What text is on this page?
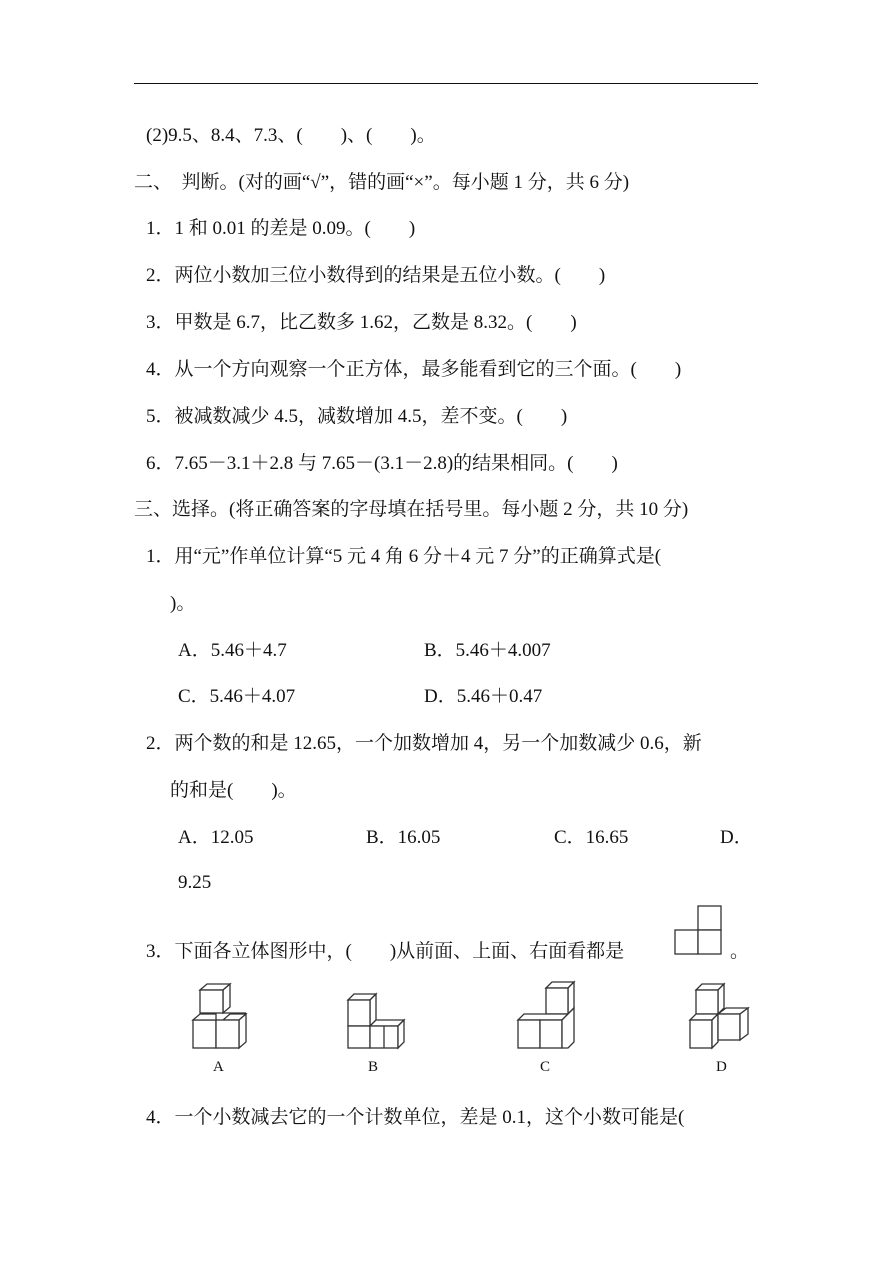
(2)9.5、8.4、7.3、(　　)、(　　)。
二、　判断。(对的画“√”，错的画“×”。每小题 1 分，共 6 分)
1．1 和 0.01 的差是 0.09。(　　)
2．两位小数加三位小数得到的结果是五位小数。(　　)
3．甲数是 6.7，比乙数多 1.62，乙数是 8.32。(　　)
4．从一个方向观察一个正方体，最多能看到它的三个面。(　　)
5．被减数减少 4.5，减数增加 4.5，差不变。(　　)
6．7.65－3.1＋2.8 与 7.65－(3.1－2.8)的结果相同。(　　)
三、选择。(将正确答案的字母填在括号里。每小题 2 分，共 10 分)
1．用“元”作单位计算“5 元 4 角 6 分＋4 元 7 分”的正确算式是(
)。
A．5.46＋4.7	B．5.46＋4.007
C．5.46＋4.07	D．5.46＋0.47
2．两个数的和是 12.65，一个加数增加 4，另一个加数减少 0.6，新
的和是(　　)。
A．12.05	B．16.05	C．16.65	D．
9.25
3．下面各立体图形中，(　　)从前面、上面、右面看都是	。
A	B	C	D
4．一个小数减去它的一个计数单位，差是 0.1，这个小数可能是(
